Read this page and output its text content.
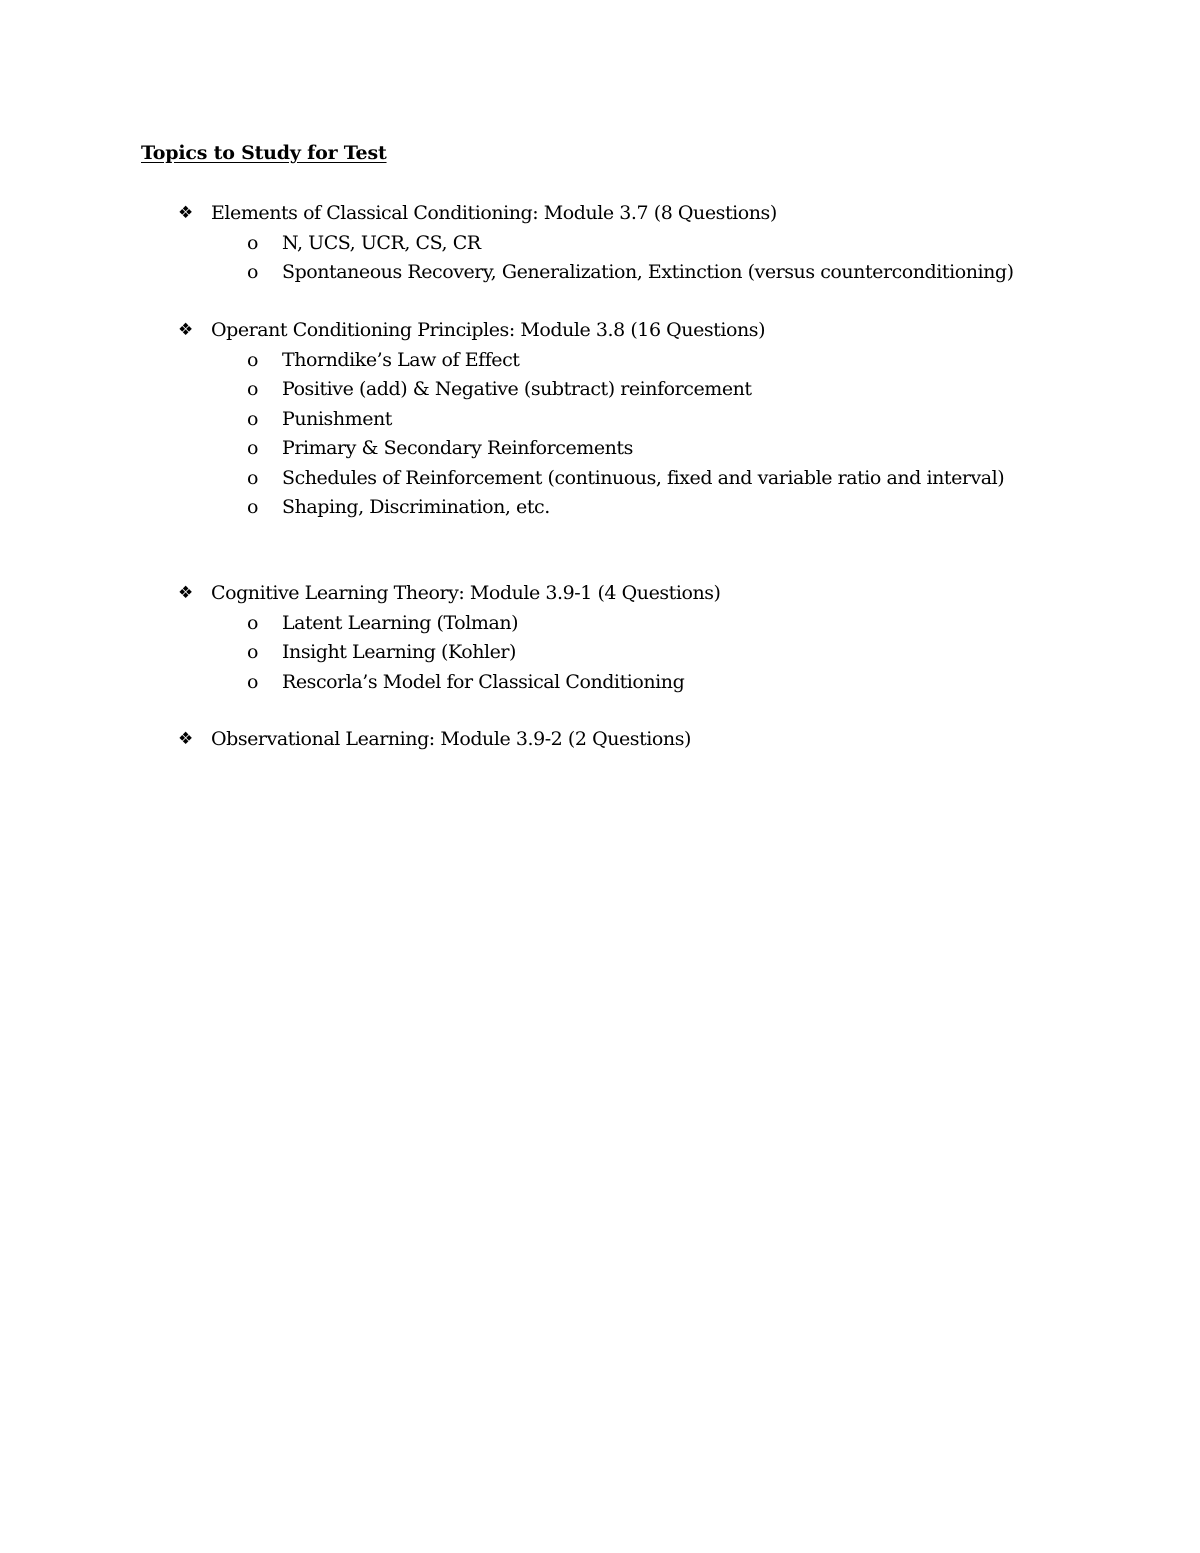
Topics to Study for Test
❖ Elements of Classical Conditioning: Module 3.7 (8 Questions)
o N, UCS, UCR, CS, CR
o Spontaneous Recovery, Generalization, Extinction (versus counterconditioning)
❖ Operant Conditioning Principles: Module 3.8 (16 Questions)
o Thorndike’s Law of Effect
o Positive (add) & Negative (subtract) reinforcement
o Punishment
o Primary & Secondary Reinforcements
o Schedules of Reinforcement (continuous, fixed and variable ratio and interval)
o Shaping, Discrimination, etc.
❖ Cognitive Learning Theory: Module 3.9-1 (4 Questions)
o Latent Learning (Tolman)
o Insight Learning (Kohler)
o Rescorla’s Model for Classical Conditioning
❖ Observational Learning: Module 3.9-2 (2 Questions)
